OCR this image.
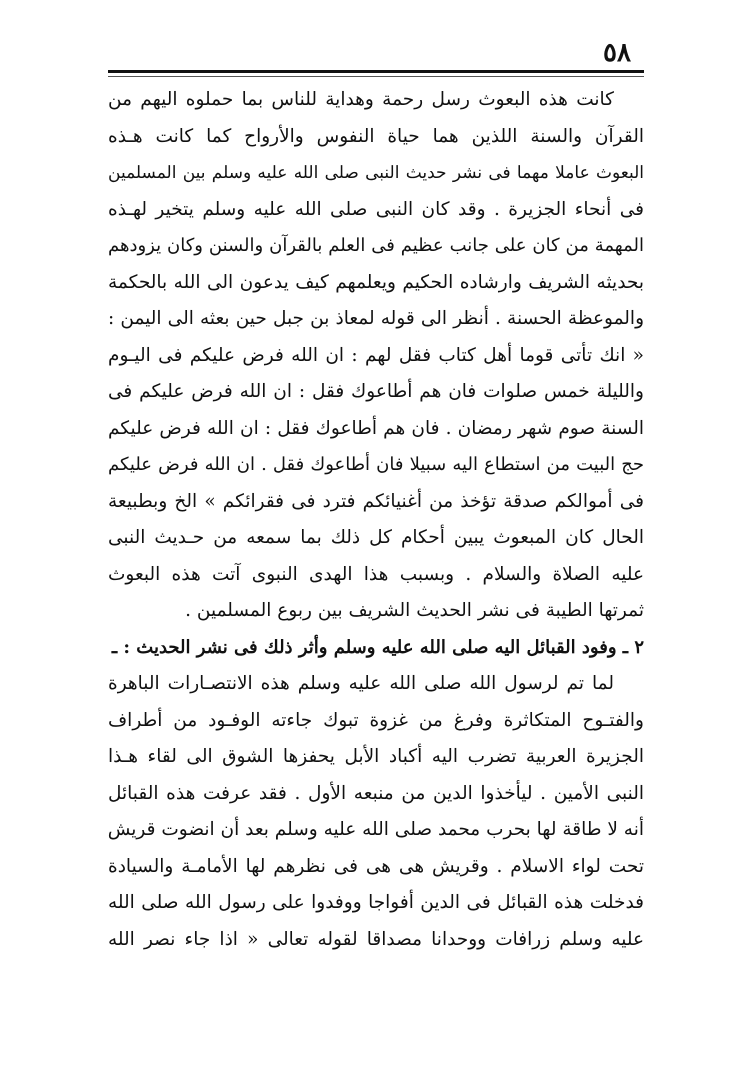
٥٨
كانت هذه البعوث رسل رحمة وهداية للناس بما حملوه اليهم من
القرآن والسنة اللذين هما حياة النفوس والأرواح كما كانت هـذه
البعوث عاملا مهما فى نشر حديث النبى صلى الله عليه وسلم بين المسلمين
فى أنحاء الجزيرة . وقد كان النبى صلى الله عليه وسلم يتخير لهـذه
المهمة من كان على جانب عظيم فى العلم بالقرآن والسنن وكان يزودهم
بحديثه الشريف وارشاده الحكيم ويعلمهم كيف يدعون الى الله بالحكمة
والموعظة الحسنة . أنظر الى قوله لمعاذ بن جبل حين بعثه الى اليمن :
« انك تأتى قوما أهل كتاب فقل لهم : ان الله فرض عليكم فى اليـوم
والليلة خمس صلوات فان هم أطاعوك فقل : ان الله فرض عليكم فى
السنة صوم شهر رمضان . فان هم أطاعوك فقل : ان الله فرض عليكم
حج البيت من استطاع اليه سبيلا فان أطاعوك فقل . ان الله فرض عليكم
فى أموالكم صدقة تؤخذ من أغنيائكم فترد فى فقرائكم » الخ وبطبيعة
الحال كان المبعوث يبين أحكام كل ذلك بما سمعه من حـديث النبى
عليه الصلاة والسلام . وبسبب هذا الهدى النبوى آتت هذه البعوث
ثمرتها الطيبة فى نشر الحديث الشريف بين ربوع المسلمين .
٢ ـ وفود القبائل اليه صلى الله عليه وسلم وأثر ذلك فى نشر الحديث : ـ
لما تم لرسول الله صلى الله عليه وسلم هذه الانتصـارات الباهرة
والفتـوح المتكاثرة وفرغ من غزوة تبوك جاءته الوفـود من أطراف
الجزيرة العربية تضرب اليه أكباد الأبل يحفزها الشوق الى لقاء هـذا
النبى الأمين . ليأخذوا الدين من منبعه الأول . فقد عرفت هذه القبائل
أنه لا طاقة لها بحرب محمد صلى الله عليه وسلم بعد أن انضوت قريش
تحت لواء الاسلام . وقريش هى هى فى نظرهم لها الأمامـة والسيادة
فدخلت هذه القبائل فى الدين أفواجا ووفدوا على رسول الله صلى الله
عليه وسلم زرافات ووحدانا مصداقا لقوله تعالى « اذا جاء نصر الله
